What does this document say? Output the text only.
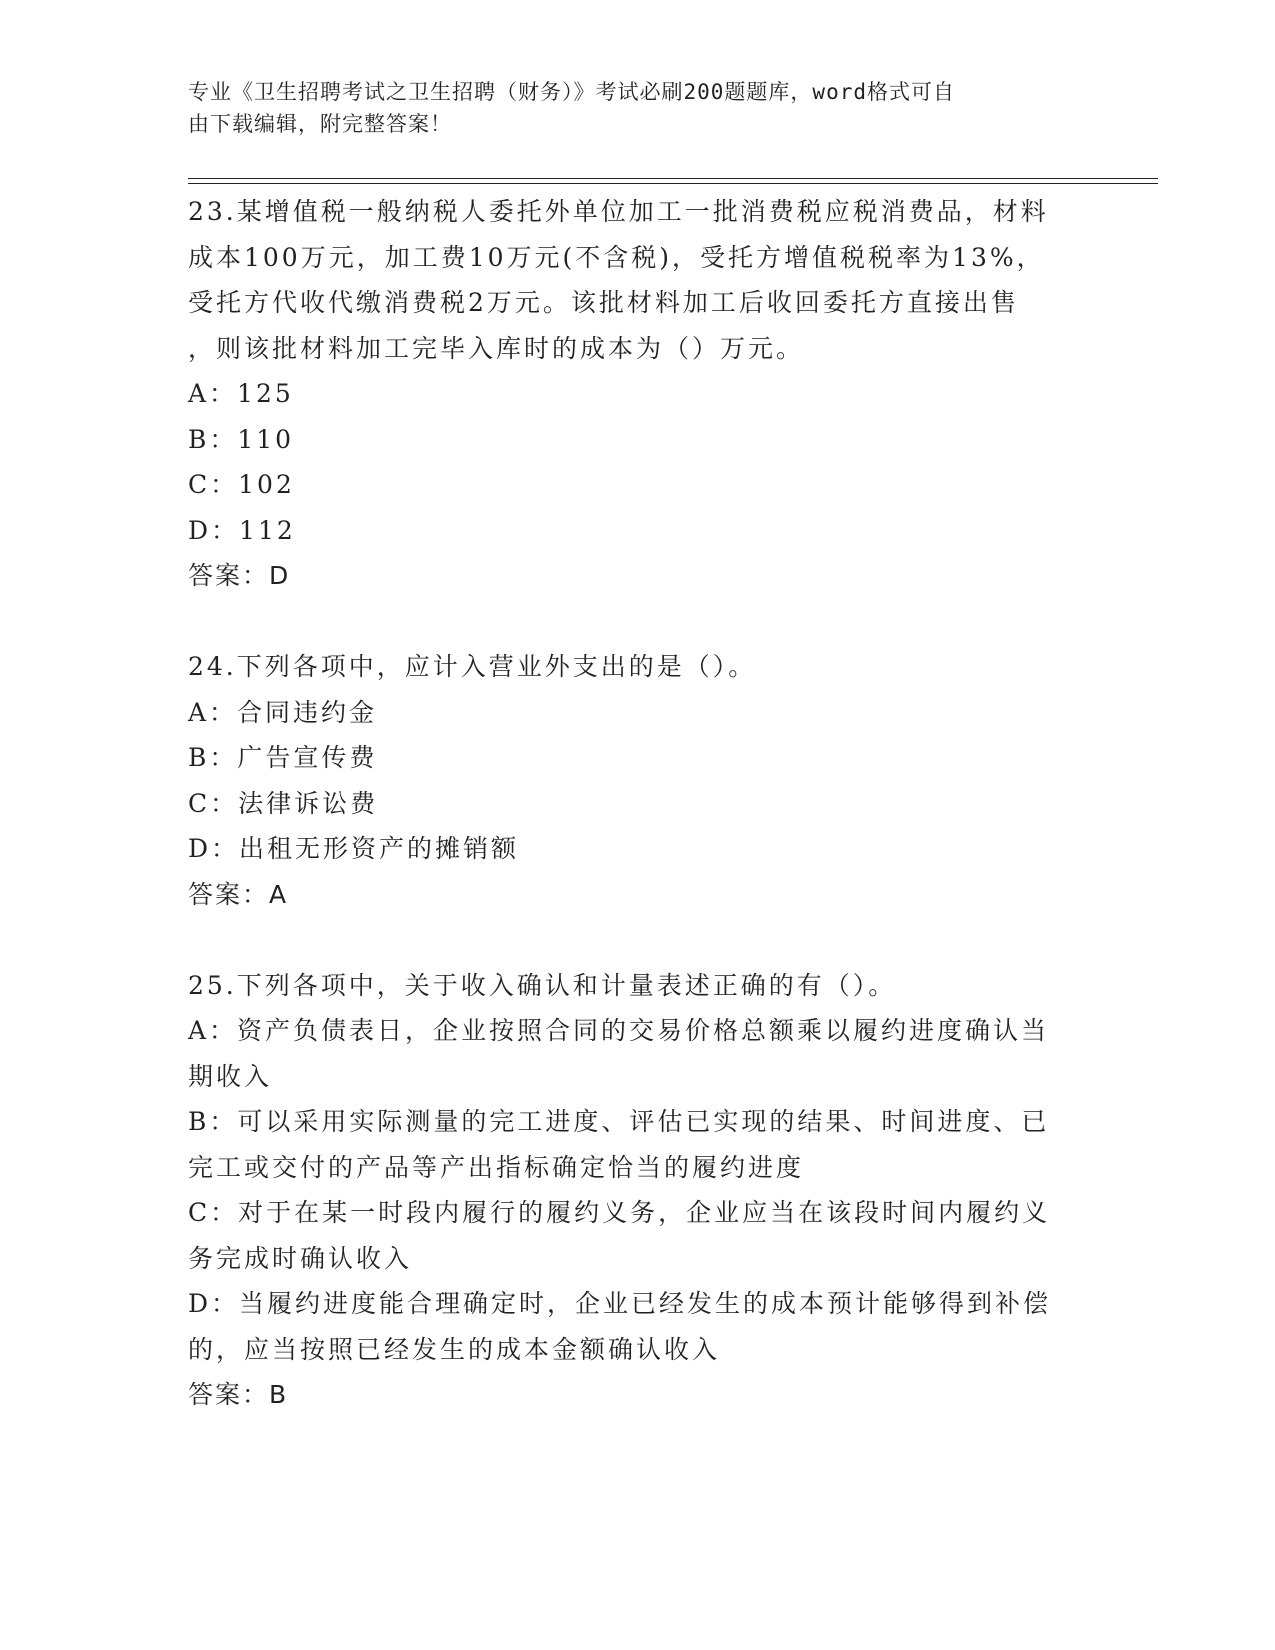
专业《卫生招聘考试之卫生招聘（财务）》考试必刷200题题库，word格式可自
由下载编辑，附完整答案！
23.某增值税一般纳税人委托外单位加工一批消费税应税消费品，材料
成本100万元，加工费10万元(不含税)，受托方增值税税率为13%，
受托方代收代缴消费税2万元。该批材料加工后收回委托方直接出售
，则该批材料加工完毕入库时的成本为（）万元。
A：125
B：110
C：102
D：112
答案：D
24.下列各项中，应计入营业外支出的是（）。
A：合同违约金
B：广告宣传费
C：法律诉讼费
D：出租无形资产的摊销额
答案：A
25.下列各项中，关于收入确认和计量表述正确的有（）。
A：资产负债表日，企业按照合同的交易价格总额乘以履约进度确认当
期收入
B：可以采用实际测量的完工进度、评估已实现的结果、时间进度、已
完工或交付的产品等产出指标确定恰当的履约进度
C：对于在某一时段内履行的履约义务，企业应当在该段时间内履约义
务完成时确认收入
D：当履约进度能合理确定时，企业已经发生的成本预计能够得到补偿
的，应当按照已经发生的成本金额确认收入
答案：B
